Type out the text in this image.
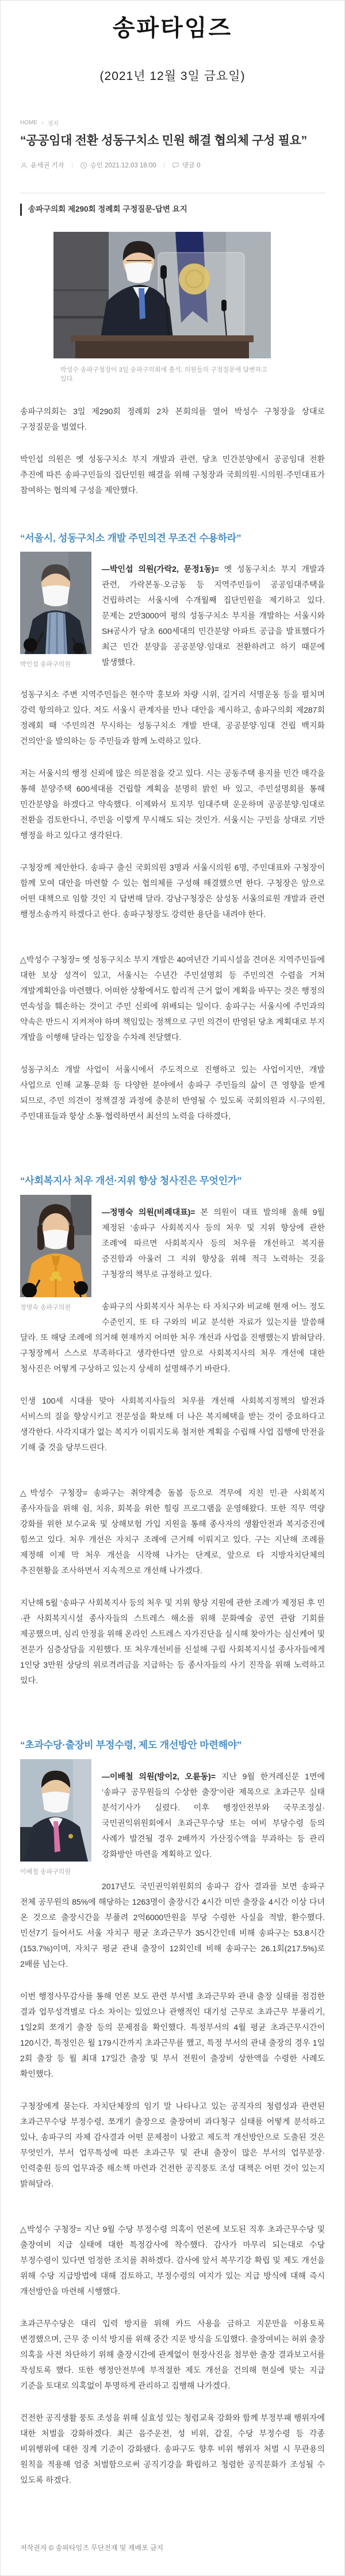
송파타임즈
(2021년 12월 3일 금요일)
HOME › 정치
“공공임대 전환 성동구치소 민원 해결 협의체 구성 필요”
윤세권 기자	승인 2021.12.03 18:00	댓글 0
송파구의회 제290회 정례회 구정질문-답변 요지
박성수 송파구청장이 3일 송파구의회에 출석, 의원들의 구정질문에 답변하고 있다.

송파구의회는 3일 제290회 정례회 2차 본회의를 열어 박성수 구청장을 상대로 구정질문을 벌였다.

박인섭 의원은 옛 성동구치소 부지 개발과 관련, 당초 민간분양에서 공공임대 전환 추진에 따른 송파구민들의 집단민원 해결을 위해 구청장과 국회의원·시의원·주민대표가 참여하는 협의체 구성을 제안했다.

“서울시, 성동구치소 개발 주민의견 무조건 수용하라”
박인섭 송파구의원

—박인섭 의원(가락2, 문정1동)= 옛 성동구치소 부지 개발과 관련, 가락본동·오금동 등 지역주민들이 공공임대주택을 건립하려는 서울시에 수개월째 집단민원을 제기하고 있다. 문제는 2만3000여 평의 성동구치소 부지를 개발하는 서울시와 SH공사가 당초 600세대의 민간분양 아파트 공급을 발표했다가 최근 민간 분양을 공공분양·임대로 전환하려고 하기 때문에 발생했다.

성동구치소 주변 지역주민들은 현수막 홍보와 차량 시위, 길거리 서명운동 등을 펼치며 강력 항의하고 있다. 저도 서울시 관계자를 만나 대안을 제시하고, 송파구의회 제287회 정례회 때 ‘주민의견 무시하는 성동구치소 개발 반대, 공공분양·임대 건립 백지화 건의안’을 발의하는 등 주민들과 함께 노력하고 있다.

저는 서울시의 행정 신뢰에 많은 의문점을 갖고 있다. 시는 공동주택 용지를 민간 매각을 통해 분양주택 600세대를 건립할 계획을 분명히 밝힌 바 있고, 주민설명회를 통해 민간분양을 하겠다고 약속했다. 이제와서 토지부 임대주택 운운하며 공공분양·임대로 전환을 검토한다니, 주민을 이렇게 무시해도 되는 것인가. 서울시는 구민을 상대로 기만 행정을 하고 있다고 생각된다.

구청장께 제안한다. 송파구 출신 국회의원 3명과 서울시의원 6명, 주민대표와 구청장이 함께 모여 대안을 마련할 수 있는 협의체를 구성해 해결했으면 한다. 구청장은 앞으로 어떤 대책으로 임할 것인 지 답변해 달라. 강남구청장은 삼성동 서울의료원 개발과 관련 행정소송까지 하겠다고 한다. 송파구청장도 강력한 용단을 내려야 한다.

△박성수 구청장= 옛 성동구치소 부지 개발은 40여년간 기피시설을 견뎌온 지역주민들에 대한 보상 성격이 있고, 서울시는 수년간 주민설명회 등 주민의견 수렴을 거쳐 개발계획안을 마련했다. 어떠한 상황에서도 합리적 근거 없이 계획을 바꾸는 것은 행정의 연속성을 훼손하는 것이고 주민 신뢰에 위배되는 일이다. 송파구는 서울시에 주민과의 약속은 반드시 지켜져야 하며 책임있는 정책으로 구민 의견이 반영된 당초 계획대로 부지 개발을 이행해 달라는 입장을 수차례 전달했다.

성동구치소 개발 사업이 서울시에서 주도적으로 진행하고 있는 사업이지만, 개발 사업으로 인해 교통·문화 등 다양한 분야에서 송파구 주민들의 삶이 큰 영향을 받게 되므로, 주민 의견이 정책결정 과정에 충분히 반영될 수 있도록 국회의원과 시·구의원, 주민대표들과 항상 소통·협력하면서 최선의 노력을 다하겠다,

“사회복지사 처우 개선·지위 향상 청사진은 무엇인가”
정명숙 송파구의원

—정명숙 의원(비례대표)= 본 의원이 대표 발의해 올해 9월 제정된 ‘송파구 사회복지사 등의 처우 및 지위 향상에 관한 조례’에 따르면 사회복지사 등의 처우를 개선하고 복지를 증진함과 아울러 그 지위 향상을 위해 적극 노력하는 것을 구청장의 책무로 규정하고 있다.

송파구의 사회복지사 처우는 타 자치구와 비교해 현재 어느 정도 수준인지, 또 타 구와의 비교 분석한 자료가 있는지를 말씀해 달라. 또 해당 조례에 의거해 현재까지 어떠한 처우 개선과 사업을 진행했는지 밝혀달라. 구청장께서 스스로 부족하다고 생각한다면 앞으로 사회복지사의 처우 개선에 대한 청사진은 어떻게 구상하고 있는지 상세히 설명해주기 바란다.

인생 100세 시대를 맞아 사회복지사들의 처우를 개선해 사회복지정책의 발전과 서비스의 질을 향상시키고 전문성을 확보해 더 나은 복지혜택을 받는 것이 중요하다고 생각한다. 사각지대가 없는 복지가 이뤄지도록 철저한 계획을 수립해 사업 집행에 만전을 기해 줄 것을 당부드린다.

△박성수 구청장= 송파구는 취약계층 돌봄 등으로 격무에 지친 민·관 사회복지 종사자들을 위해 쉼, 치유, 회복을 위한 힐링 프로그램을 운영해왔다. 또한 직무 역량 강화를 위한 보수교육 및 상해보험 가입 지원을 통해 종사자의 생활안전과 복지증진에 힘쓰고 있다. 처우 개선은 자치구 조례에 근거해 이뤄지고 있다. 구는 지난해 조례를 제정해 이제 막 처우 개선을 시작해 나가는 단계로, 앞으로 타 지방자치단체의 추진현황을 조사하면서 지속적으로 개선해 나가겠다.

지난해 5월 ‘송파구 사회복지사 등의 처우 및 지위 향상 지원에 관한 조례’가 제정된 후 민·관 사회복지시설 종사자들의 스트레스 해소를 위해 문화예술 공연 관람 기회를 제공했으며, 심리 안정을 위해 온라인 스트레스 자가진단을 실시해 찾아가는 심신케어 및 전문가 심층상담을 지원했다. 또 처우개선비를 신설해 구립 사회복지시설 종사자들에게 1인당 3만원 상당의 위로격려금을 지급하는 등 종사자들의 사기 진작을 위해 노력하고 있다.

“초과수당·출장비 부정수령, 제도 개선방안 마련해야”
이배철 송파구의원

—이배철 의원(방이2, 오륜동)= 지난 9월 한겨레신문 1면에 ‘송파구 공무원들의 수상한 출장’이란 제목으로 초과근무 실태 분석기사가 실렸다. 이후 행정안전부와 국무조정실·국민권익위원회에서 초과근무수당 또는 여비 부당수령 등의 사례가 발견될 경우 2배까지 가산징수액을 부과하는 등 관리 강화방안 마련을 계획하고 있다.

2017년도 국민권익위원회의 송파구 감사 결과를 보면 송파구 전체 공무원의 85%에 해당하는 1263명이 출장시간 4시간 미만 출장을 4시간 이상 다녀 온 것으로 출장시간을 부풀려 2억6000만원을 부당 수령한 사실을 적발, 환수했다. 민선7기 들어서도 서울 자치구 평균 초과근무가 35시간인데 비해 송파구는 53.8시간(153.7%)이며, 자치구 평균 관내 출장이 12회인데 비해 송파구는 26.1회(217.5%)로 2배를 넘는다.

이번 행정사무감사를 통해 언론 보도 관련 부서별 초과근무와 관내 출장 실태를 점검한 결과 업무성격별로 다소 차이는 있었으나 관행적인 대기성 근무로 초과근무 부풀리기, 1일2회 쪼개기 출장 등의 문제점을 확인했다. 특정부서의 4월 평균 초과근무시간이 120시간, 특정인은 월 179시간까지 초과근무를 했고, 특정 부서의 관내 출장의 경우 1일 2회 출장 등 월 최대 17일간 출장 및 부서 전원이 출장비 상한액을 수령한 사례도 확인했다.

구청장에게 묻는다. 자치단체장의 임기 말 나타나고 있는 공직자의 청렴성과 관련된 초과근무수당 부정수령, 쪼개기 출장으로 출장여비 과다청구 실태를 어떻게 분석하고 있나, 송파구의 자체 감사결과 어떤 문제점이 나왔고 제도적 개선방안으로 도출된 것은 무엇인가, 부서 업무특성에 따른 초과근무 및 관내 출장이 많은 부서의 업무분장·인력충원 등의 업무과중 해소책 마련과 건전한 공직풍토 조성 대책은 어떤 것이 있는지 밝혀달라.

△박성수 구청장= 지난 9월 수당 부정수령 의혹이 언론에 보도된 직후 초과근무수당 및 출장여비 지급 실태에 대한 특정감사에 착수했다. 감사가 마무리 되는대로 수당 부정수령이 있다면 엄정한 조치를 취하겠다. 감사에 앞서 복무기강 확립 및 제도 개선을 위해 수당 지급방법에 대해 검토하고, 부정수령의 여지가 있는 지급 방식에 대해 즉시 개선방안을 마련해 시행했다.

초과근무수당은 대리 입력 방지를 위해 카드 사용을 금하고 지문만을 이용토록 변경했으며, 근무 중 이석 방지를 위해 중간 지문 방식을 도입했다. 출장여비는 허위 출장 의혹을 사전 차단하기 위해 출장시간에 관계없이 현장사진을 첨부한 출장 결과보고서를 작성토록 했다. 또한 행정안전부에 부적절한 제도 개선을 건의해 현실에 맞는 지급 기준을 토대로 의혹없이 투명하게 관리하고 집행해 나가겠다.

건전한 공직생활 풍토 조성을 위해 실효성 있는 청렴교육 강화와 함께 부정부패 행위자에 대한 처벌을 강화하겠다. 최근 음주운전, 성 비위, 갑질, 수당 부정수령 등 각종 비위행위에 대한 징계 기준이 강화됐다. 송파구도 향후 비위 행위자 처벌 시 무관용의 원칙을 적용해 엄중 처벌함으로써 공직기강을 확립하고 청렴한 공직문화가 조성될 수 있도록 하겠다.

저작권자 © 송파타임즈 무단전재 및 재배포 금지
